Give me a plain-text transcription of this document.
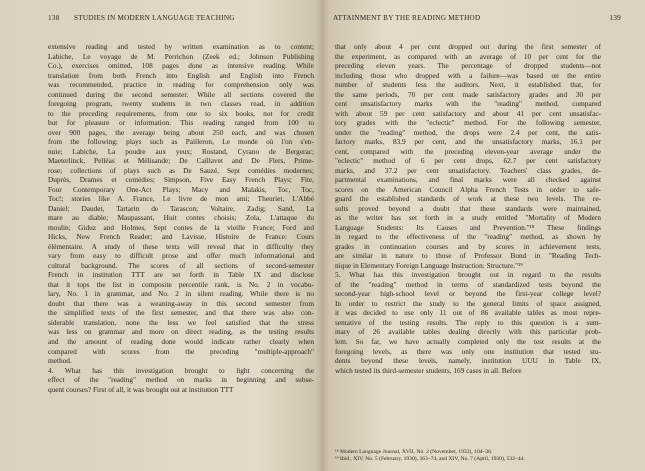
138 STUDIES IN MODERN LANGUAGE TEACHING
extensive reading and tested by written examination as to content;
Labiche, Le voyage de M. Perrichon (Zeek ed.; Johnson Publishing
Co.), exercises omitted, 108 pages done as intensive reading. While
translation from both French into English and English into French
was recommended, practice in reading for comprehension only was
continued during the second semester. While all sections covered the
foregoing program, twenty students in two classes read, in addition
to the preceding requirements, from one to six books, not for credit
but for pleasure or information. This reading ranged from 100 to
over 900 pages, the average being about 250 each, and was chosen
from the following: plays such as Pailleron, Le monde où l'on s'en-
nuie; Labiche, La poudre aux yeux; Rostand, Cyrano de Bergerac;
Maeterlinck, Pelléas et Mélisande; De Caillavet and De Flers, Prime-
rose; collections of plays such as De Sauzé, Sept comédies modernes;
Duprès, Drames et comédies; Simpson, Five Easy French Plays; Fite,
Four Contemporary One-Act Plays; Macy and Malakis, Toc, Toc,
Toc!; stories like A. France, Le livre de mon ami; Theuriet, L'Abbé
Daniel; Daudet, Tartarin de Tarascon; Voltaire, Zadig; Sand, La
mare au diable; Maupassant, Huit contes choisis; Zola, L'attaque du
moulin; Giduz and Holmes, Sept contes de la vieille France; Ford and
Hicks, New French Reader; and Lavisse, Histoire de France: Cours
élémentaire. A study of these texts will reveal that in difficulty they
vary from easy to difficult prose and offer much informational and
cultural background. The scores of all sections of second-semester
French in institution TTT are set forth in Table IX and disclose
that it tops the list in composite percentile rank, is No. 2 in vocabu-
lary, No. 1 in grammar, and No. 2 in silent reading. While there is no
doubt that there was a weaning-away in this second semester from
the simplified texts of the first semester, and that there was also con-
siderable translation, none the less we feel satisfied that the stress
was less on grammar and more on direct reading, as the testing results
and the amount of reading done would indicate rather clearly when
compared with scores from the preceding "multiple-approach"
method.
4. What has this investigation brought to light concerning the
effect of the "reading" method on marks in beginning and subse-
quent courses? First of all, it was brought out at institution TTT
ATTAINMENT BY THE READING METHOD	139
that only about 4 per cent dropped out during the first semester of
the experiment, as compared with an average of 10 per cent for the
preceding eleven years. The percentage of dropped students—not
including those who dropped with a failure—was based on the entire
number of students less the auditors. Next, it established that, for
the same periods, 70 per cent made satisfactory grades and 30 per
cent unsatisfactory marks with the "reading" method, compared
with about 59 per cent satisfactory and about 41 per cent unsatisfac-
tory grades with the "eclectic" method. For the following semester,
under the "reading" method, the drops were 2.4 per cent, the satis-
factory marks, 83.9 per cent, and the unsatisfactory marks, 16.1 per
cent, compared with the preceding eleven-year average under the
"eclectic" method of 6 per cent drops, 62.7 per cent satisfactory
marks, and 37.2 per cent unsatisfactory. Teachers' class grades, de-
partmental examinations, and final marks were all checked against
scores on the American Council Alpha French Tests in order to safe-
guard the established standards of work at these two levels. The re-
sults proved beyond a doubt that these standards were maintained,
as the writer has set forth in a study entitled "Mortality of Modern
Language Students: Its Causes and Prevention."¹⁸ These findings
in regard to the effectiveness of the "reading" method, as shown by
grades in continuation courses and by scores in achievement tests,
are similar in nature to those of Professor Bond in "Reading Tech-
nique in Elementary Foreign Language Instruction: Structure."¹⁹
5. What has this investigation brought out in regard to the results
of the "reading" method in terms of standardized tests beyond the
second-year high-school level or beyond the first-year college level?
In order to restrict the study to the general limits of space assigned,
it was decided to use only 11 out of 86 available tables as most repre-
sentative of the testing results. The reply to this question is a sum-
mary of 26 available tables dealing directly with this particular prob-
lem. So far, we have actually completed only the test results at the
foregoing levels, as there was only one institution that tested stu-
dents beyond these levels, namely, institution UUU in Table IX,
which tested its third-semester students, 169 cases in all. Before
¹⁸ Modern Language Journal, XVII, No. 2 (November, 1932), 104–36.
¹⁹ Ibid., XIV, No. 5 (February, 1930), 363–74, and XIV, No. 7 (April, 1930), 532–44.
